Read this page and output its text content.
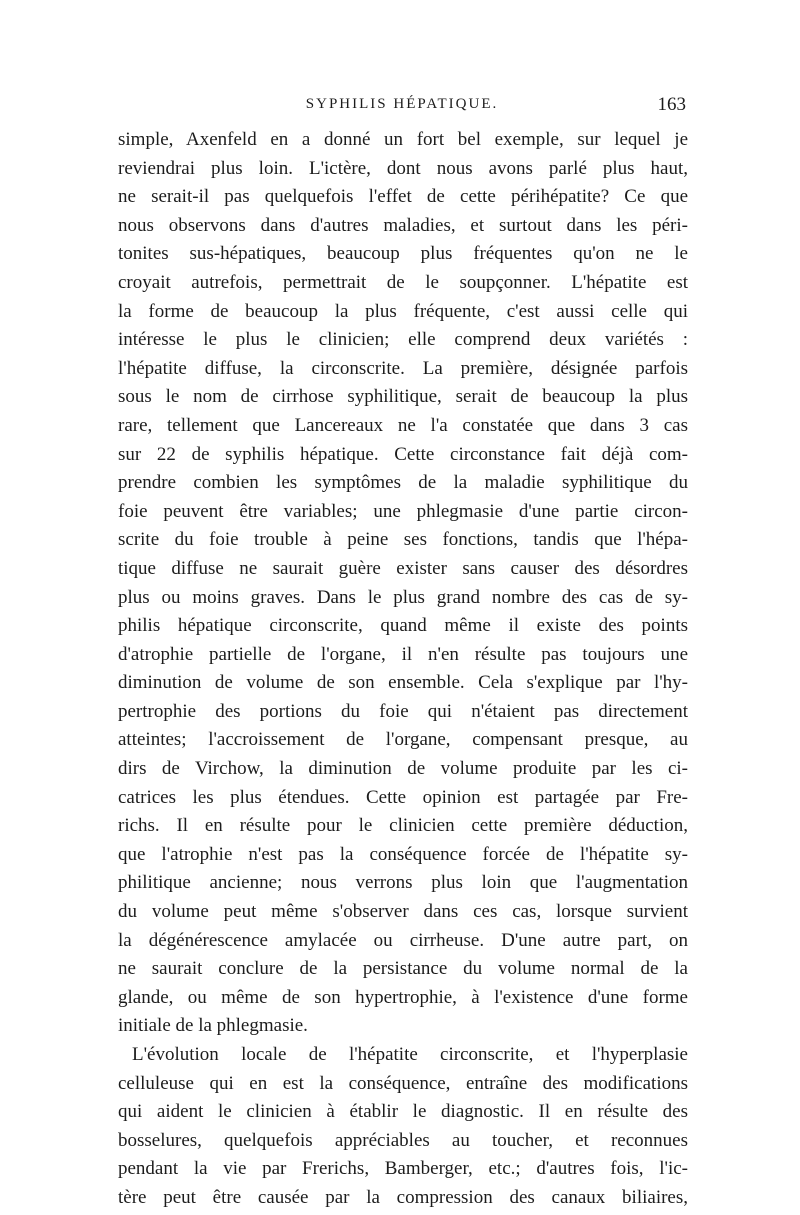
SYPHILIS HÉPATIQUE.	163
simple, Axenfeld en a donné un fort bel exemple, sur lequel je
reviendrai plus loin. L'ictère, dont nous avons parlé plus haut,
ne serait-il pas quelquefois l'effet de cette périhépatite? Ce que
nous observons dans d'autres maladies, et surtout dans les péri-
tonites sus-hépatiques, beaucoup plus fréquentes qu'on ne le
croyait autrefois, permettrait de le soupçonner. L'hépatite est
la forme de beaucoup la plus fréquente, c'est aussi celle qui
intéresse le plus le clinicien; elle comprend deux variétés :
l'hépatite diffuse, la circonscrite. La première, désignée parfois
sous le nom de cirrhose syphilitique, serait de beaucoup la plus
rare, tellement que Lancereaux ne l'a constatée que dans 3 cas
sur 22 de syphilis hépatique. Cette circonstance fait déjà com-
prendre combien les symptômes de la maladie syphilitique du
foie peuvent être variables; une phlegmasie d'une partie circon-
scrite du foie trouble à peine ses fonctions, tandis que l'hépa-
tique diffuse ne saurait guère exister sans causer des désordres
plus ou moins graves. Dans le plus grand nombre des cas de sy-
philis hépatique circonscrite, quand même il existe des points
d'atrophie partielle de l'organe, il n'en résulte pas toujours une
diminution de volume de son ensemble. Cela s'explique par l'hy-
pertrophie des portions du foie qui n'étaient pas directement
atteintes; l'accroissement de l'organe, compensant presque, au
dirs de Virchow, la diminution de volume produite par les ci-
catrices les plus étendues. Cette opinion est partagée par Fre-
richs. Il en résulte pour le clinicien cette première déduction,
que l'atrophie n'est pas la conséquence forcée de l'hépatite sy-
philitique ancienne; nous verrons plus loin que l'augmentation
du volume peut même s'observer dans ces cas, lorsque survient
la dégénérescence amylacée ou cirrheuse. D'une autre part, on
ne saurait conclure de la persistance du volume normal de la
glande, ou même de son hypertrophie, à l'existence d'une forme
initiale de la phlegmasie.
L'évolution locale de l'hépatite circonscrite, et l'hyperplasie
celluleuse qui en est la conséquence, entraîne des modifications
qui aident le clinicien à établir le diagnostic. Il en résulte des
bosselures, quelquefois appréciables au toucher, et reconnues
pendant la vie par Frerichs, Bamberger, etc.; d'autres fois, l'ic-
tère peut être causée par la compression des canaux biliaires,
